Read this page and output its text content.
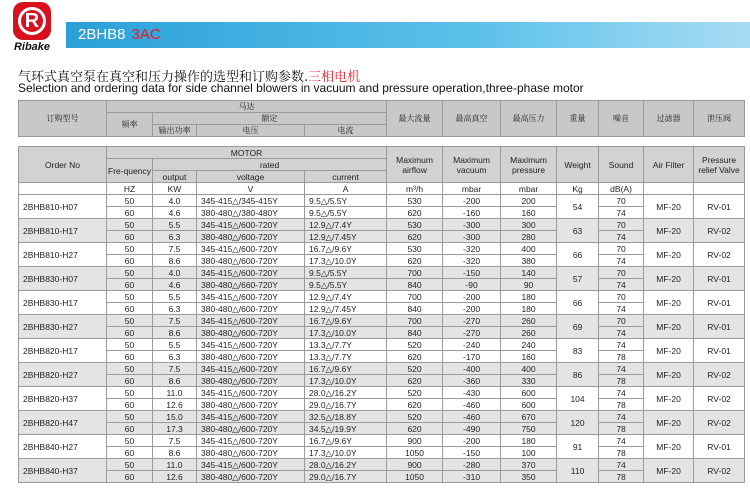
R
Ribake
2BHB8 3AC
气环式真空泵在真空和压力操作的选型和订购参数.三相电机
Selection and ordering data for side channel blowers in vacuum and pressure operation,three-phase motor
订购型号	马达				最大流量	最高真空	最高压力	重量	噪音	过滤器	泄压阀
	频率	额定									
		输出功率	电压	电流							
Order No	MOTOR				Maximum airflow	Maximum vacuum	Maximum pressure	Weight	Sound	Air Filter	Pressure relief Valve
	Fre-quency	rated									
		output	voltage	current							
	HZ	KW	V	A	m³/h	mbar	mbar	Kg	dB(A)		
2BHB810-H07	50	4.0	345-415△/345-415Y	9.5△/5.5Y	530	-200	200	54	70	MF-20	RV-01
	60	4.6	380-480△/380-480Y	9.5△/5.5Y	620	-160	160		74		
2BHB810-H17	50	5.5	345-415△/600-720Y	12.9△/7.4Y	530	-300	300	63	70	MF-20	RV-02
	60	6.3	380-480△/600-720Y	12.9△/7.45Y	620	-300	280		74		
2BHB810-H27	50	7.5	345-415△/600-720Y	16.7△/9.6Y	530	-320	400	66	70	MF-20	RV-02
	60	8.6	380-480△/600-720Y	17.3△/10.0Y	620	-320	380		74		
2BHB830-H07	50	4.0	345-415△/600-720Y	9.5△/5.5Y	700	-150	140	57	70	MF-20	RV-01
	60	4.6	380-480△/660-720Y	9.5△/5.5Y	840	-90	90		74		
2BHB830-H17	50	5.5	345-415△/600-720Y	12.9△/7.4Y	700	-200	180	66	70	MF-20	RV-01
	60	6.3	380-480△/600-720Y	12.9△/7.45Y	840	-200	180		74		
2BHB830-H27	50	7.5	345-415△/600-720Y	16.7△/9.6Y	700	-270	260	69	70	MF-20	RV-01
	60	8.6	380-480△/600-720Y	17.3△/10.0Y	840	-270	260		74		
2BHB820-H17	50	5.5	345-415△/600-720Y	13.3△/7.7Y	520	-240	240	83	74	MF-20	RV-01
	60	6.3	380-480△/600-720Y	13.3△/7.7Y	620	-170	160		78		
2BHB820-H27	50	7.5	345-415△/600-720Y	16.7△/9.6Y	520	-400	400	86	74	MF-20	RV-02
	60	8.6	380-480△/600-720Y	17.3△/10.0Y	620	-360	330		78		
2BHB820-H37	50	11.0	345-415△/600-720Y	28.0△/16.2Y	520	-430	600	104	74	MF-20	RV-02
	60	12.6	380-480△/600-720Y	29.0△/16.7Y	620	-460	600		78		
2BHB820-H47	50	15.0	345-415△/600-720Y	32.5△/18.8Y	520	-460	670	120	74	MF-20	RV-02
	60	17.3	380-480△/600-720Y	34.5△/19.9Y	620	-490	750		78		
2BHB840-H27	50	7.5	345-415△/600-720Y	16.7△/9.6Y	900	-200	180	91	74	MF-20	RV-01
	60	8.6	380-480△/600-720Y	17.3△/10.0Y	1050	-150	100		78		
2BHB840-H37	50	11.0	345-415△/600-720Y	28.0△/16.2Y	900	-280	370	110	74	MF-20	RV-02
	60	12.6	380-480△/600-720Y	29.0△/16.7Y	1050	-310	350		78		
